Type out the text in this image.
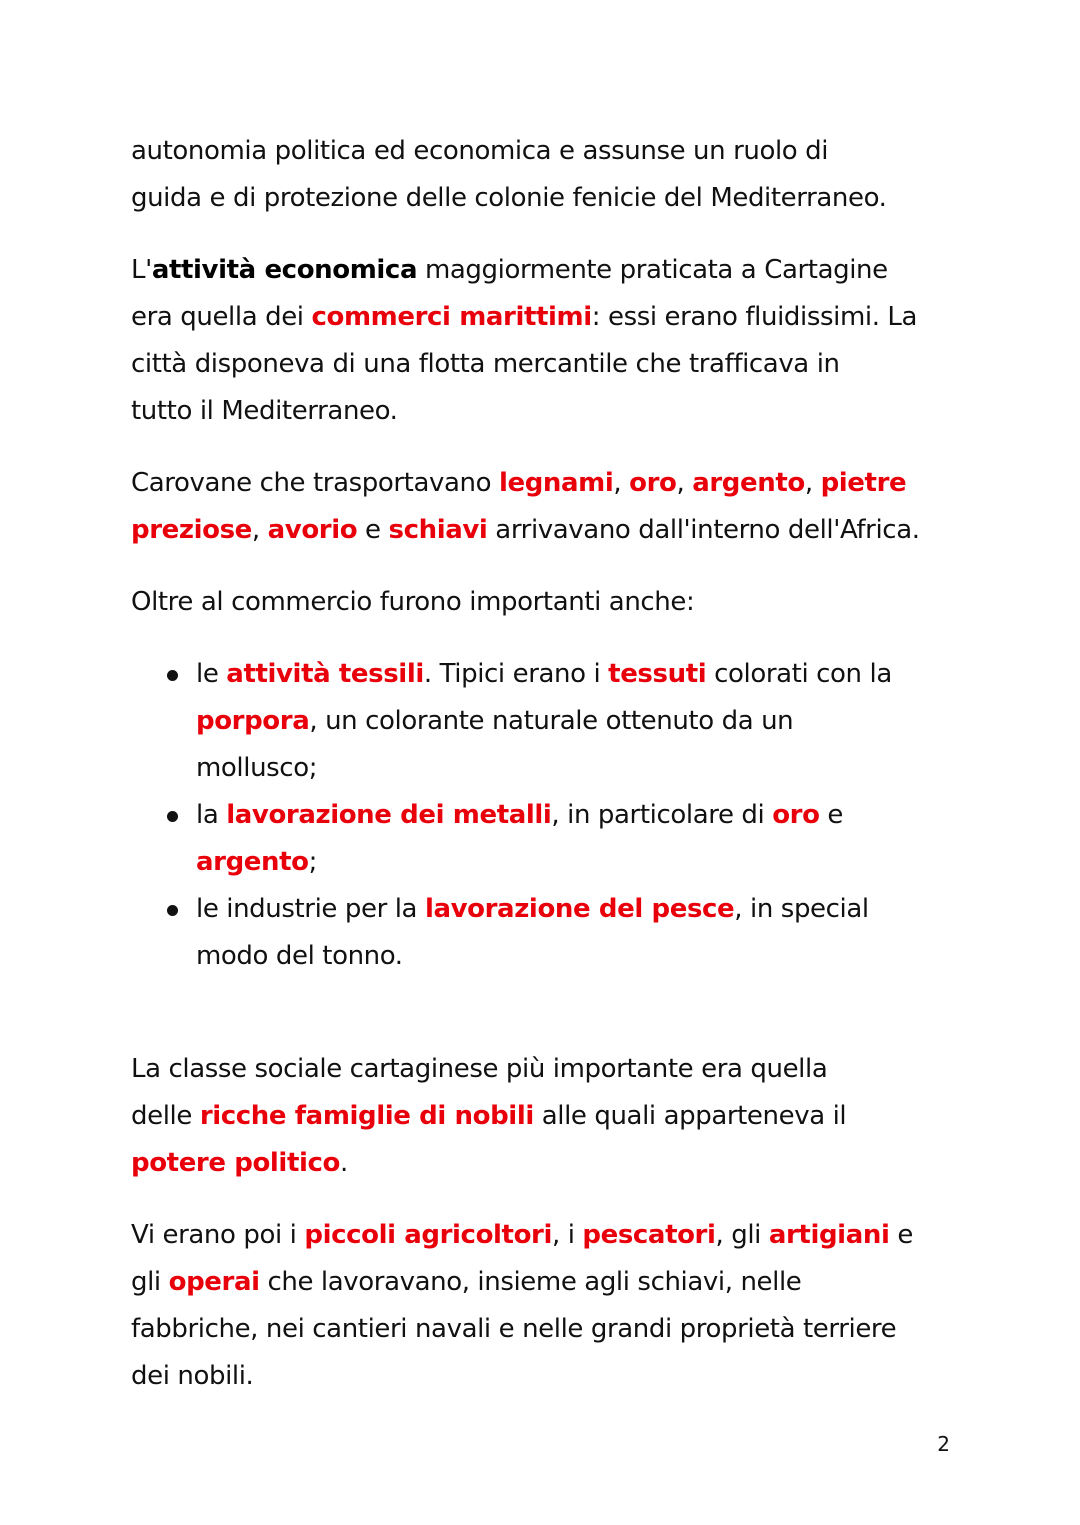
autonomia politica ed economica e assunse un ruolo di
guida e di protezione delle colonie fenicie del Mediterraneo.

L'attività economica maggiormente praticata a Cartagine
era quella dei commerci marittimi: essi erano fluidissimi. La
città disponeva di una flotta mercantile che trafficava in
tutto il Mediterraneo.

Carovane che trasportavano legnami, oro, argento, pietre
preziose, avorio e schiavi arrivavano dall'interno dell'Africa.

Oltre al commercio furono importanti anche:

le attività tessili. Tipici erano i tessuti colorati con la
porpora, un colorante naturale ottenuto da un
mollusco;
la lavorazione dei metalli, in particolare di oro e
argento;
le industrie per la lavorazione del pesce, in special
modo del tonno.

La classe sociale cartaginese più importante era quella
delle ricche famiglie di nobili alle quali apparteneva il
potere politico.

Vi erano poi i piccoli agricoltori, i pescatori, gli artigiani e
gli operai che lavoravano, insieme agli schiavi, nelle
fabbriche, nei cantieri navali e nelle grandi proprietà terriere
dei nobili.

2
